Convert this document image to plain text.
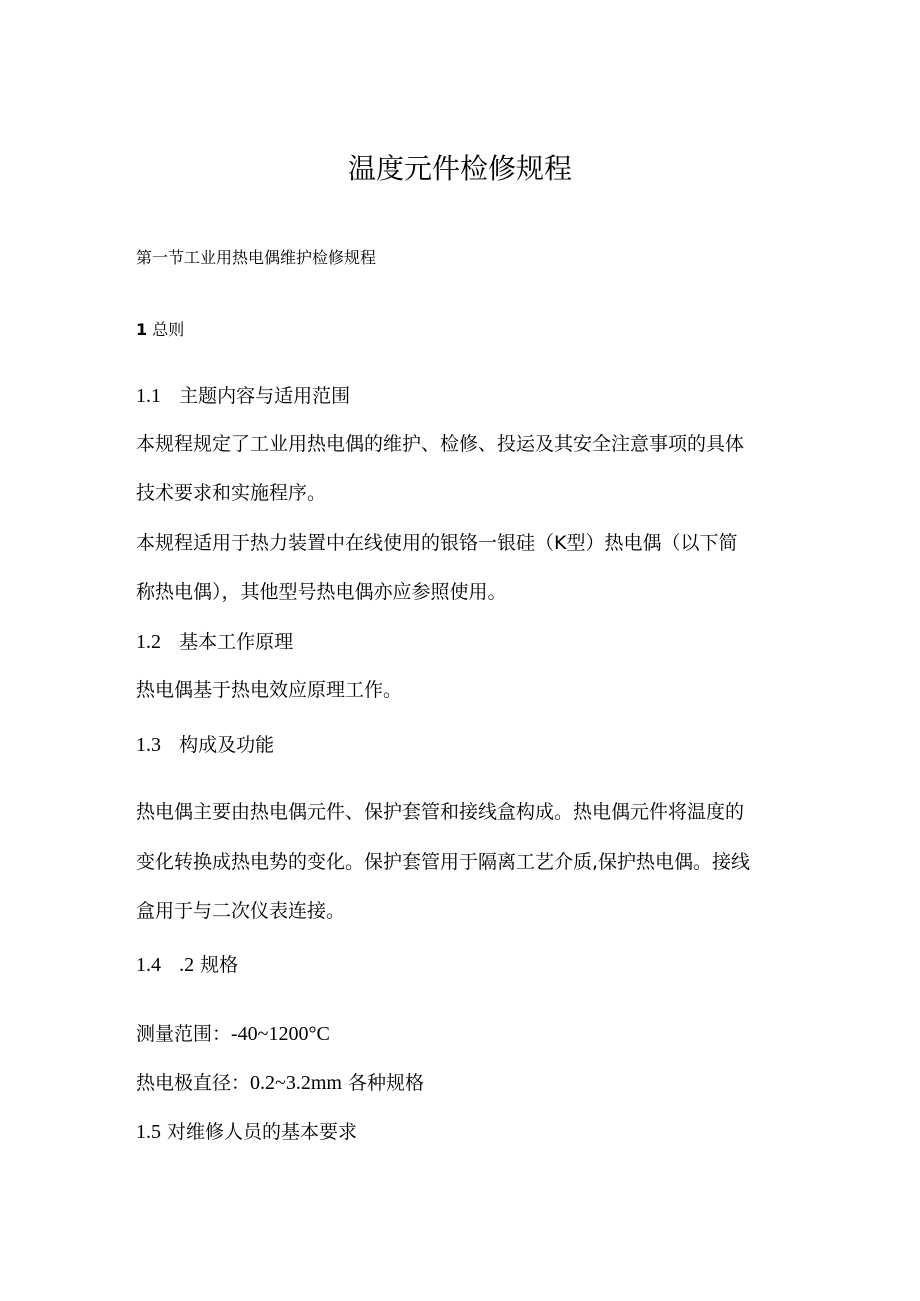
温度元件检修规程
第一节工业用热电偶维护检修规程
1 总则
1.1 主题内容与适用范围
本规程规定了工业用热电偶的维护、检修、投运及其安全注意事项的具体
技术要求和实施程序。
本规程适用于热力装置中在线使用的银铬一银硅（K型）热电偶（以下简
称热电偶），其他型号热电偶亦应参照使用。
1.2 基本工作原理
热电偶基于热电效应原理工作。
1.3 构成及功能
热电偶主要由热电偶元件、保护套管和接线盒构成。热电偶元件将温度的
变化转换成热电势的变化。保护套管用于隔离工艺介质,保护热电偶。接线
盒用于与二次仪表连接。
1.4 .2 规格
测量范围：-40~1200°C
热电极直径：0.2~3.2mm 各种规格
1.5 对维修人员的基本要求
